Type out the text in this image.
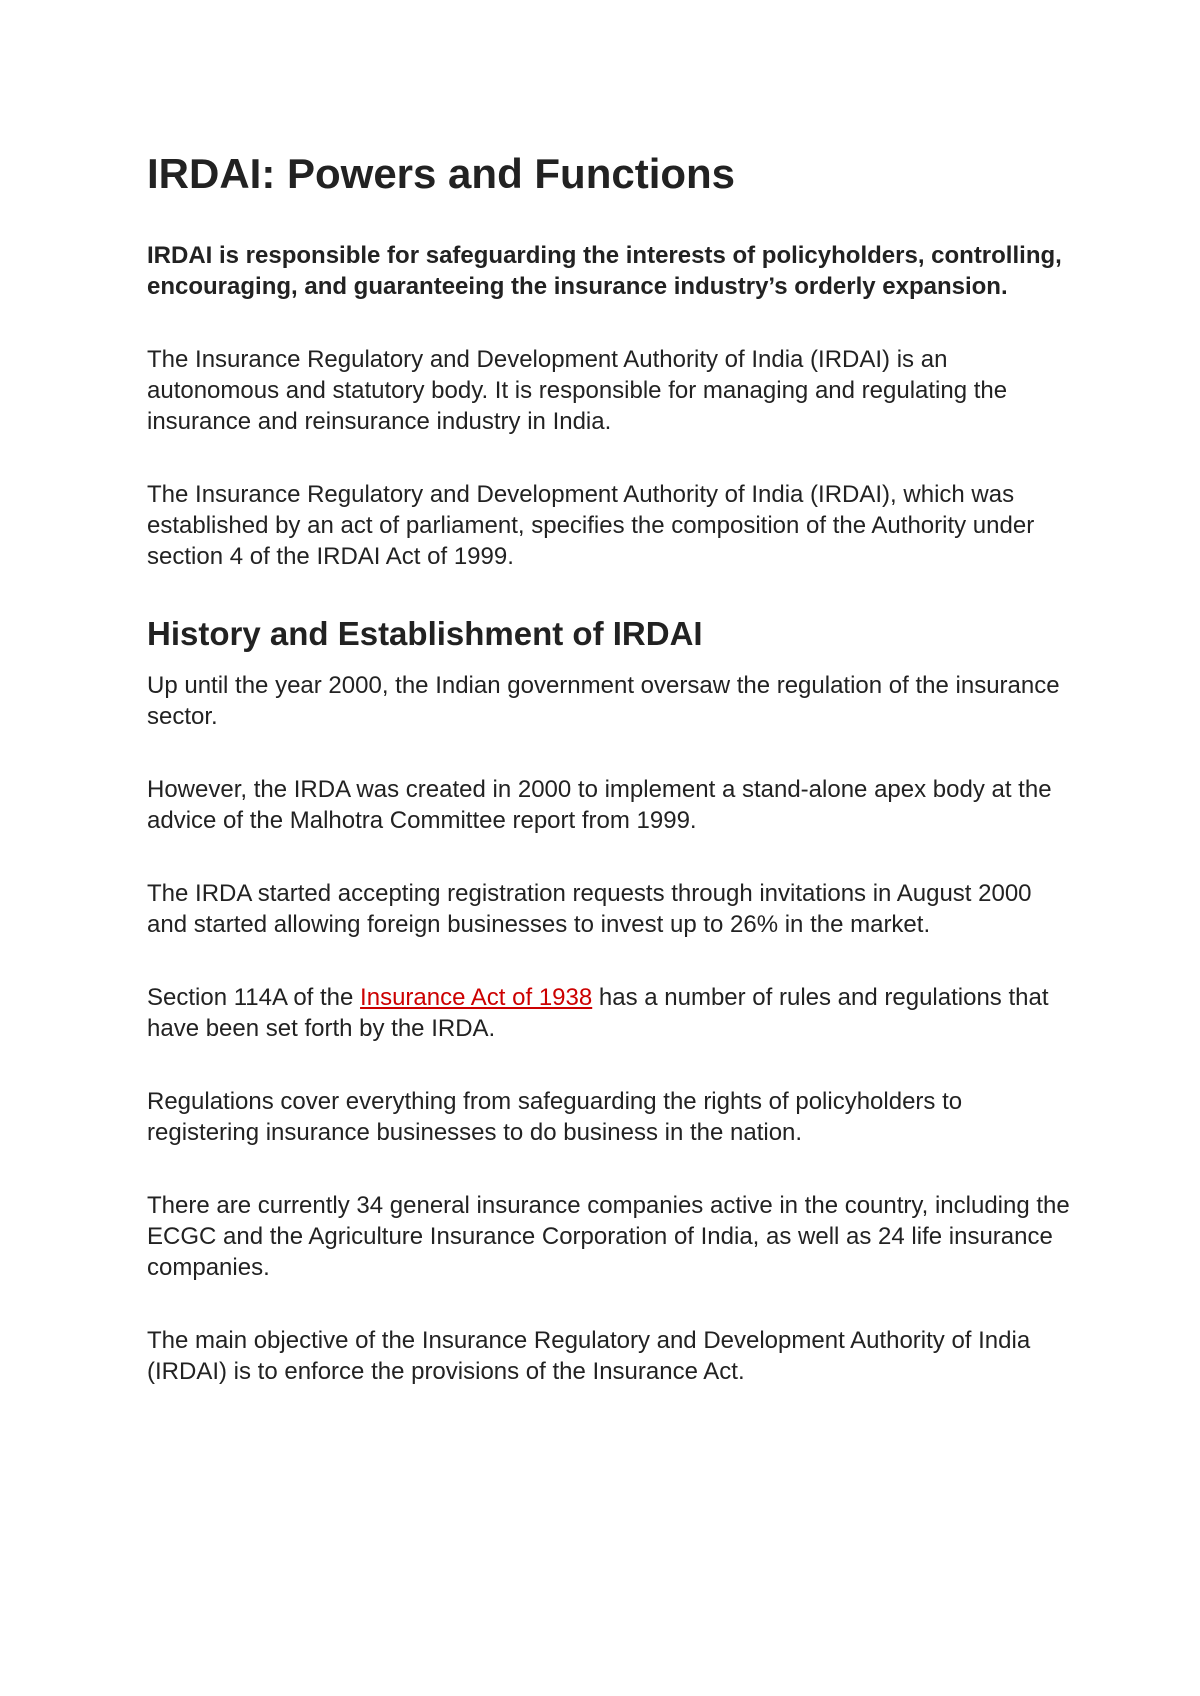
IRDAI: Powers and Functions

IRDAI is responsible for safeguarding the interests of policyholders, controlling, encouraging, and guaranteeing the insurance industry’s orderly expansion.

The Insurance Regulatory and Development Authority of India (IRDAI) is an autonomous and statutory body. It is responsible for managing and regulating the insurance and reinsurance industry in India.

The Insurance Regulatory and Development Authority of India (IRDAI), which was established by an act of parliament, specifies the composition of the Authority under section 4 of the IRDAI Act of 1999.

History and Establishment of IRDAI

Up until the year 2000, the Indian government oversaw the regulation of the insurance sector.

However, the IRDA was created in 2000 to implement a stand-alone apex body at the advice of the Malhotra Committee report from 1999.

The IRDA started accepting registration requests through invitations in August 2000 and started allowing foreign businesses to invest up to 26% in the market.

Section 114A of the Insurance Act of 1938 has a number of rules and regulations that have been set forth by the IRDA.

Regulations cover everything from safeguarding the rights of policyholders to registering insurance businesses to do business in the nation.

There are currently 34 general insurance companies active in the country, including the ECGC and the Agriculture Insurance Corporation of India, as well as 24 life insurance companies.

The main objective of the Insurance Regulatory and Development Authority of India (IRDAI) is to enforce the provisions of the Insurance Act.
